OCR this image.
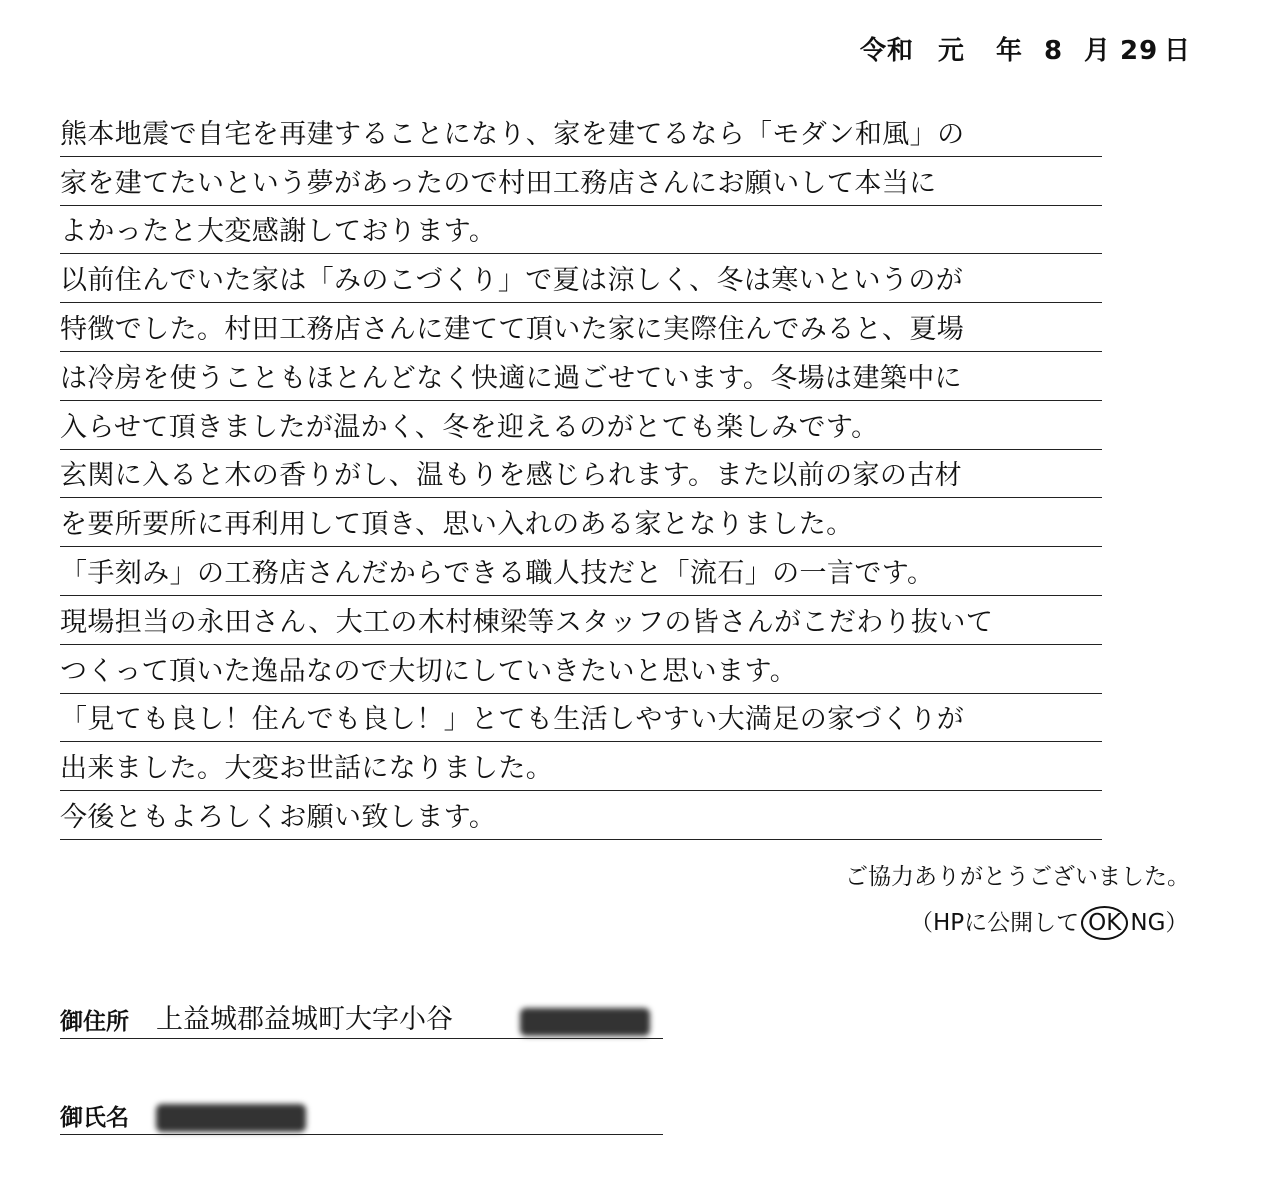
令和 元 年 8 月 29 日
熊本地震で自宅を再建することになり、家を建てるなら「モダン和風」の
家を建てたいという夢があったので村田工務店さんにお願いして本当に
よかったと大変感謝しております。
以前住んでいた家は「みのこづくり」で夏は涼しく、冬は寒いというのが
特徴でした。村田工務店さんに建てて頂いた家に実際住んでみると、夏場
は冷房を使うこともほとんどなく快適に過ごせています。冬場は建築中に
入らせて頂きましたが温かく、冬を迎えるのがとても楽しみです。
玄関に入ると木の香りがし、温もりを感じられます。また以前の家の古材
を要所要所に再利用して頂き、思い入れのある家となりました。
「手刻み」の工務店さんだからできる職人技だと「流石」の一言です。
現場担当の永田さん、大工の木村棟梁等スタッフの皆さんがこだわり抜いて
つくって頂いた逸品なので大切にしていきたいと思います。
「見ても良し！住んでも良し！」とても生活しやすい大満足の家づくりが
出来ました。大変お世話になりました。
今後ともよろしくお願い致します。
ご協力ありがとうございました。
（HPに公開して OK NG）
御住所 上益城郡益城町大字小谷
御氏名
